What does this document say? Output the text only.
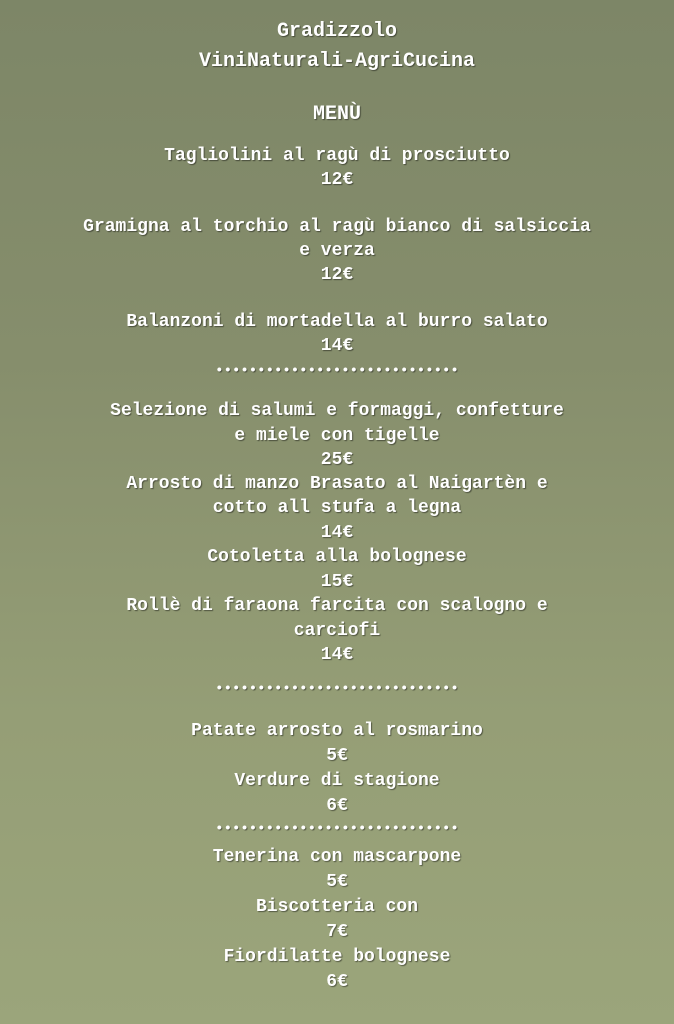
Gradizzolo
ViniNaturali-AgriCucina
MENÙ
Tagliolini al ragù di prosciutto
12€
Gramigna al torchio al ragù bianco di salsiccia
e verza
12€
Balanzoni di mortadella al burro salato
14€
•••••••••••••••••••••••••••••
Selezione di salumi e formaggi, confetture
e miele con tigelle
25€
Arrosto di manzo Brasato al Naigartèn e
cotto all stufa a legna
14€
Cotoletta alla bolognese
15€
Rollè di faraona farcita con scalogno e
carciofi
14€
•••••••••••••••••••••••••••••
Patate arrosto al rosmarino
5€
Verdure di stagione
6€
•••••••••••••••••••••••••••••
Tenerina con mascarpone
5€
Biscotteria con
7€
Fiordilatte bolognese
6€
